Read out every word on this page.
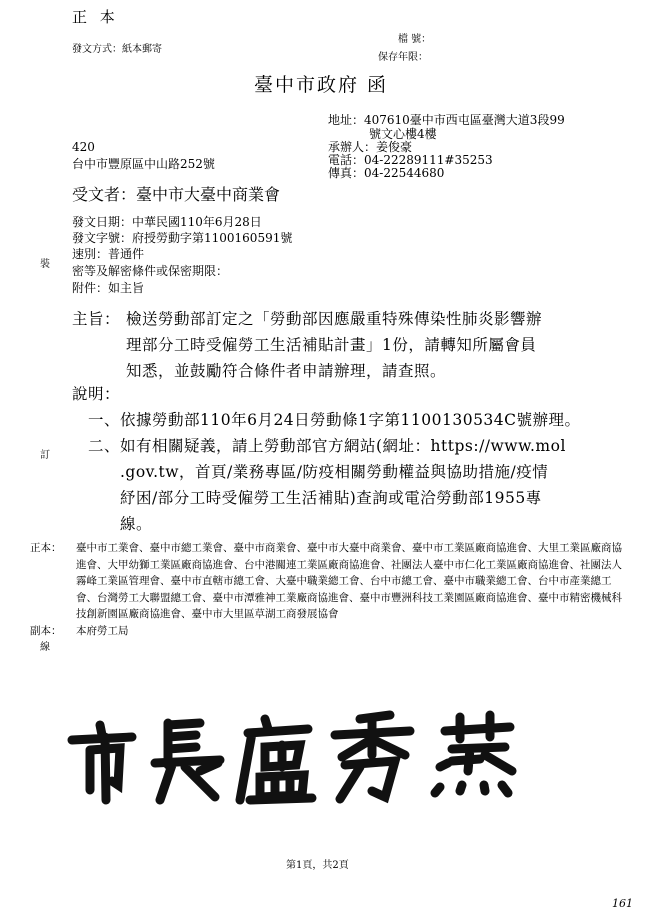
正 本
發文方式：紙本郵寄
檔 號：
保存年限：
臺中市政府 函
地址：407610臺中市西屯區臺灣大道3段99
號文心樓4樓
承辦人：姜俊豪
電話：04-22289111#35253
傳真：04-22544680
420
台中市豐原區中山路252號
受文者：臺中市大臺中商業會
發文日期：中華民國110年6月28日
發文字號：府授勞動字第1100160591號
速別：普通件
密等及解密條件或保密期限：
附件：如主旨
裝
訂
線
主旨： 檢送勞動部訂定之「勞動部因應嚴重特殊傳染性肺炎影響辦
理部分工時受僱勞工生活補貼計畫」1份，請轉知所屬會員
知悉，並鼓勵符合條件者申請辦理，請查照。
說明：
一、依據勞動部110年6月24日勞動條1字第1100130534C號辦理。
二、如有相關疑義，請上勞動部官方網站(網址：https://www.mol
.gov.tw，首頁/業務專區/防疫相關勞動權益與協助措施/疫情
紓困/部分工時受僱勞工生活補貼)查詢或電洽勞動部1955專
線。
正本：	臺中市工業會、臺中市總工業會、臺中市商業會、臺中市大臺中商業會、臺中市工業區廠商協進會、大里工業區廠商協進會、大甲幼獅工業區廠商協進會、台中港關連工業區廠商協進會、社團法人臺中市仁化工業區廠商協進會、社團法人霧峰工業區管理會、臺中市直轄市總工會、大臺中職業總工會、台中市總工會、臺中市職業總工會、台中市產業總工會、台灣勞工大聯盟總工會、臺中市潭雅神工業廠商協進會、臺中市豐洲科技工業園區廠商協進會、臺中市精密機械科技創新園區廠商協進會、臺中市大里區草湖工商發展協會
副本：	本府勞工局
第1頁，共2頁
161
